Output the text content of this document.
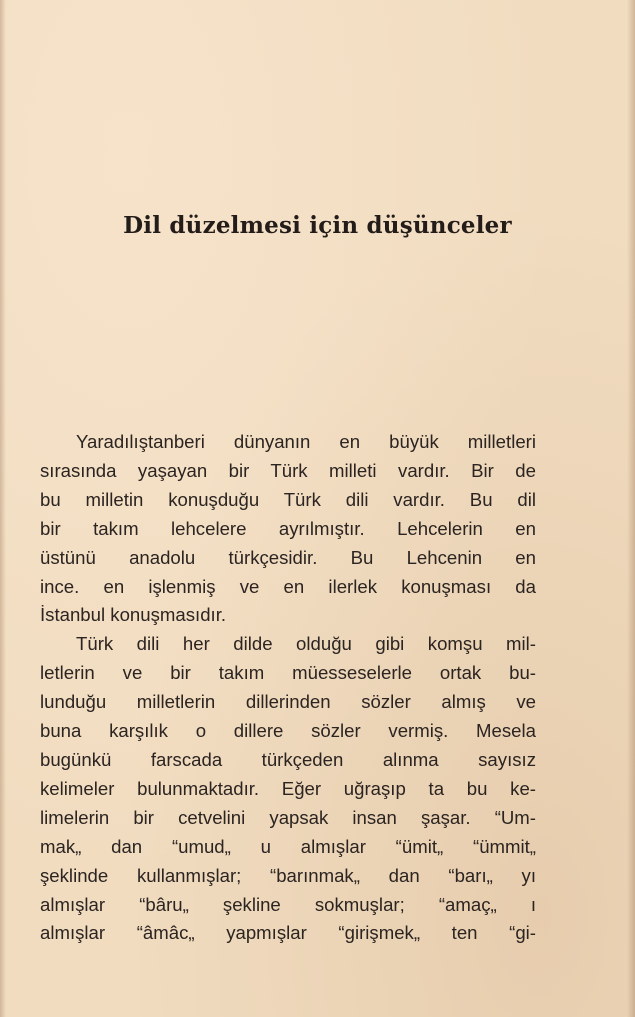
Dil düzelmesi için düşünceler
Yaradılıştanberi dünyanın en büyük milletleri
sırasında yaşayan bir Türk milleti vardır. Bir de
bu milletin konuşduğu Türk dili vardır. Bu dil
bir takım lehcelere ayrılmıştır. Lehcelerin en
üstünü anadolu türkçesidir. Bu Lehcenin en
ince. en işlenmiş ve en ilerlek konuşması da
İstanbul konuşmasıdır.
Türk dili her dilde olduğu gibi komşu mil-
letlerin ve bir takım müesseselerle ortak bu-
lunduğu milletlerin dillerinden sözler almış ve
buna karşılık o dillere sözler vermiş. Mesela
bugünkü farscada türkçeden alınma sayısız
kelimeler bulunmaktadır. Eğer uğraşıp ta bu ke-
limelerin bir cetvelini yapsak insan şaşar. “Um-
mak„ dan “umud„ u almışlar “ümit„ “ümmit„
şeklinde kullanmışlar; “barınmak„ dan “barı„ yı
almışlar “bâru„ şekline sokmuşlar; “amaç„ ı
almışlar “âmâc„ yapmışlar “girişmek„ ten “gi-
